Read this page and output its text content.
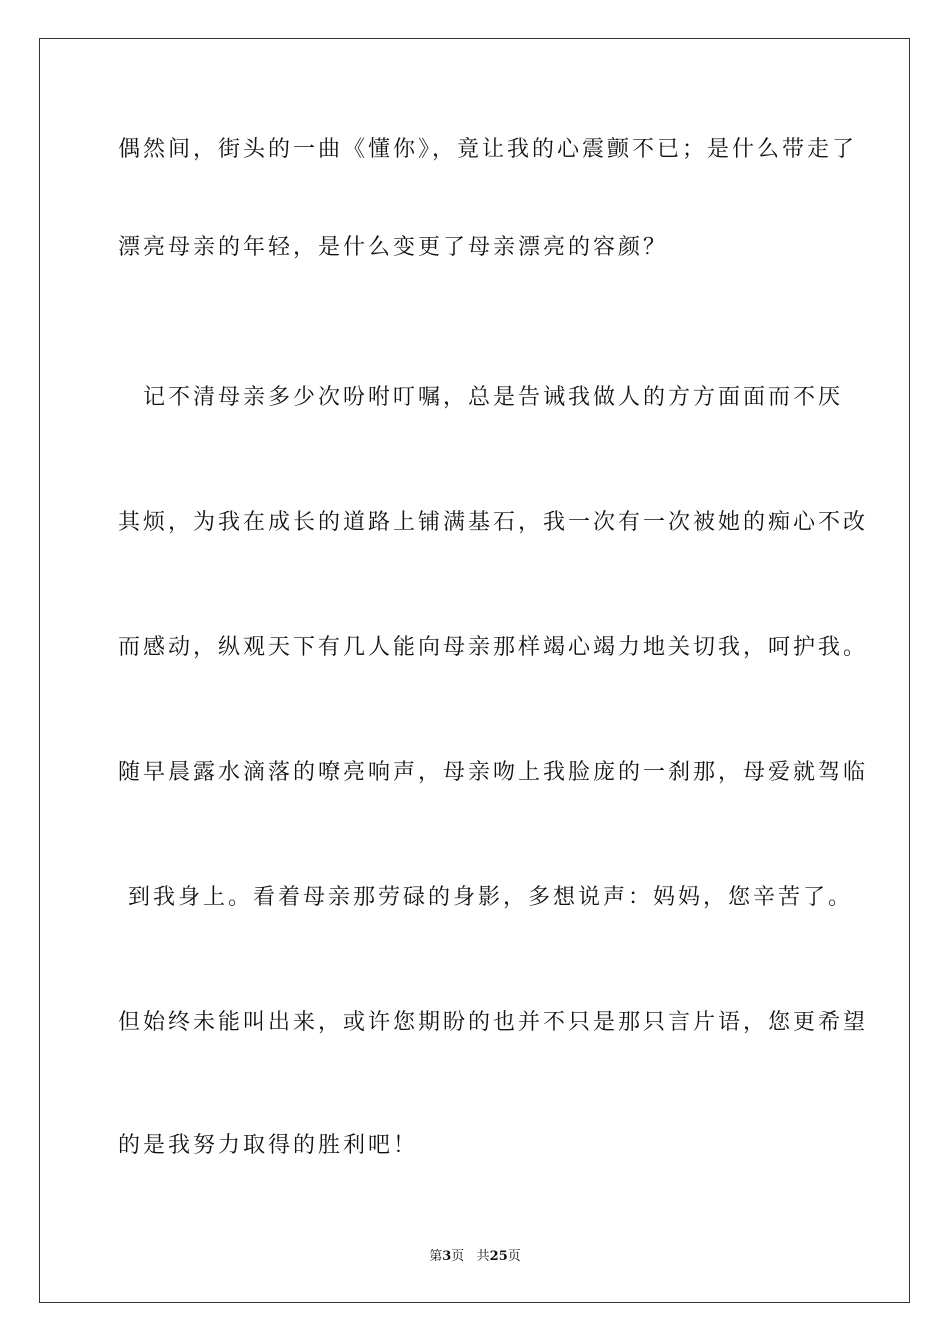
偶然间，街头的一曲《懂你》，竟让我的心震颤不已；是什么带走了
漂亮母亲的年轻，是什么变更了母亲漂亮的容颜？
　记不清母亲多少次吩咐叮嘱，总是告诫我做人的方方面面而不厌
其烦，为我在成长的道路上铺满基石，我一次有一次被她的痴心不改
而感动，纵观天下有几人能向母亲那样竭心竭力地关切我，呵护我。
随早晨露水滴落的嘹亮响声，母亲吻上我脸庞的一刹那，母爱就驾临
到我身上。看着母亲那劳碌的身影，多想说声：妈妈，您辛苦了。
但始终未能叫出来，或许您期盼的也并不只是那只言片语，您更希望
的是我努力取得的胜利吧！
第3页   共25页
